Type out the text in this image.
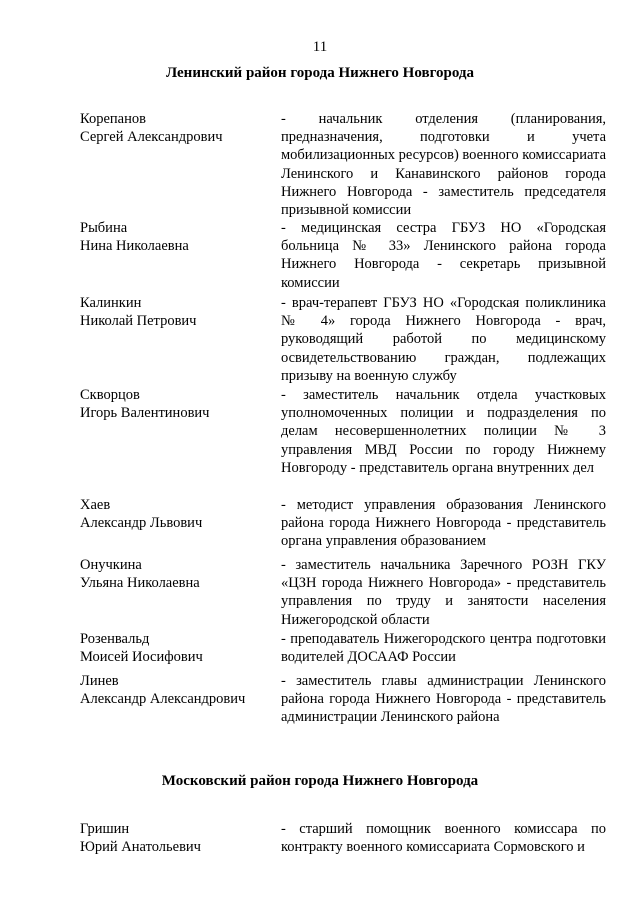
11
Ленинский район города Нижнего Новгорода
Корепанов
Сергей Александрович
- начальник отделения (планирования, предназначения, подготовки и учета мобилизационных ресурсов) военного комиссариата Ленинского и Канавинского районов города Нижнего Новгорода - заместитель председателя призывной комиссии
Рыбина
Нина Николаевна
- медицинская сестра ГБУЗ НО «Городская больница № 33» Ленинского района города Нижнего Новгорода - секретарь призывной комиссии
Калинкин
Николай Петрович
- врач-терапевт ГБУЗ НО «Городская поликлиника № 4» города Нижнего Новгорода - врач, руководящий работой по медицинскому освидетельствованию граждан, подлежащих призыву на военную службу
Скворцов
Игорь Валентинович
- заместитель начальник отдела участковых уполномоченных полиции и подразделения по делам несовершеннолетних полиции № 3 управления МВД России по городу Нижнему Новгороду - представитель органа внутренних дел
Хаев
Александр Львович
- методист управления образования Ленинского района города Нижнего Новгорода - представитель органа управления образованием
Онучкина
Ульяна Николаевна
- заместитель начальника Заречного РОЗН ГКУ «ЦЗН города Нижнего Новгорода» - представитель управления по труду и занятости населения Нижегородской области
Розенвальд
Моисей Иосифович
- преподаватель Нижегородского центра подготовки водителей ДОСААФ России
Линев
Александр Александрович
- заместитель главы администрации Ленинского района города Нижнего Новгорода - представитель администрации Ленинского района
Московский район города Нижнего Новгорода
Гришин
Юрий Анатольевич
- старший помощник военного комиссара по контракту военного комиссариата Сормовского и
